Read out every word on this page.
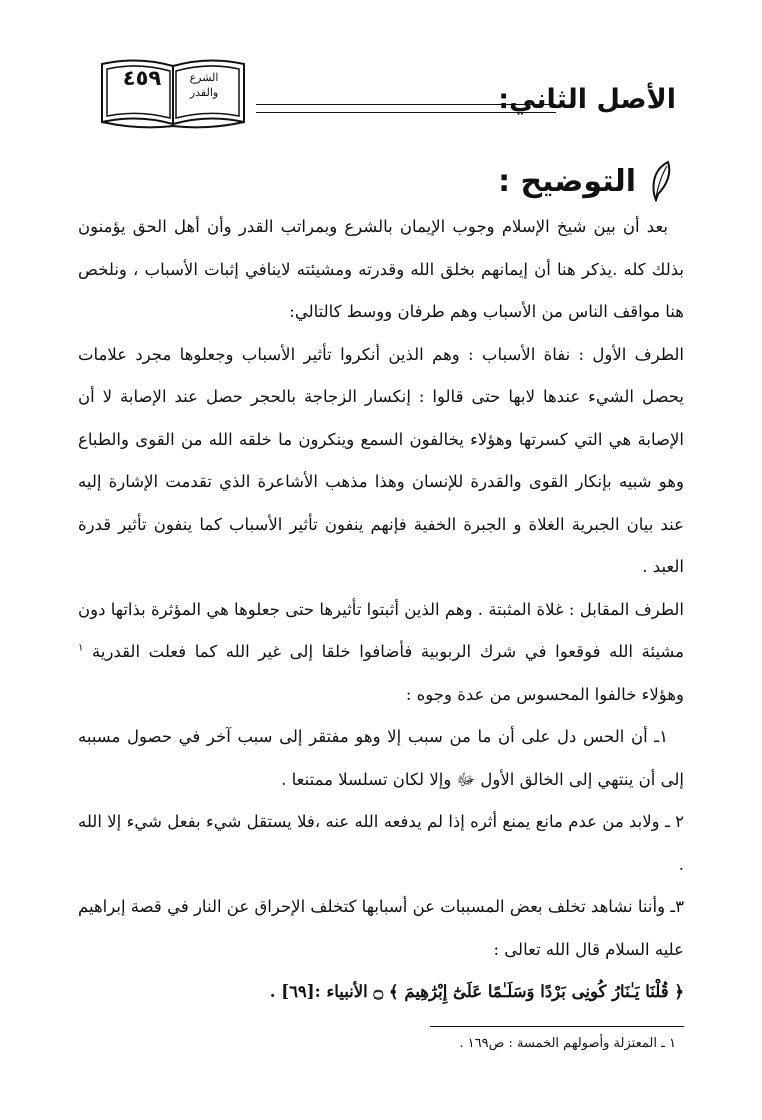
٤٥٩	الشرع
والقدر	الأصل الثاني:
التوضيح :

بعد أن بين شيخ الإسلام وجوب الإيمان بالشرع وبمراتب القدر وأن أهل الحق يؤمنون بذلك كله .يذكر هنا أن إيمانهم بخلق الله وقدرته ومشيئته لاينافي إثبات الأسباب ، ونلخص هنا مواقف الناس من الأسباب وهم طرفان ووسط كالتالي:

الطرف الأول : نفاة الأسباب : وهم الذين أنكروا تأثير الأسباب وجعلوها مجرد علامات يحصل الشيء عندها لابها حتى قالوا : إنكسار الزجاجة بالحجر حصل عند الإصابة لا أن الإصابة هي التي كسرتها وهؤلاء يخالفون السمع وينكرون ما خلقه الله من القوى والطباع وهو شبيه بإنكار القوى والقدرة للإنسان وهذا مذهب الأشاعرة الذي تقدمت الإشارة إليه عند بيان الجبرية الغلاة و الجبرة الخفية فإنهم ينفون تأثير الأسباب كما ينفون تأثير قدرة العبد .

الطرف المقابل : غلاة المثبتة . وهم الذين أثبتوا تأثيرها حتى جعلوها هي المؤثرة بذاتها دون مشيئة الله فوقعوا في شرك الربوبية فأضافوا خلقا إلى غير الله كما فعلت القدرية $^١$ وهؤلاء خالفوا المحسوس من عدة وجوه :

١ـ أن الحس دل على أن ما من سبب إلا وهو مفتقر إلى سبب آخر في حصول مسببه إلى أن ينتهي إلى الخالق الأول ﷻ وإلا لكان تسلسلا ممتنعا .

٢ ـ ولابد من عدم مانع يمنع أثره إذا لم يدفعه الله عنه ،فلا يستقل شيء بفعل شيء إلا الله .

٣ـ وأننا نشاهد تخلف بعض المسببات عن أسبابها كتخلف الإحراق عن النار في قصة إبراهيم عليه السلام قال الله تعالى :

﴿ قُلْنَا يَـٰنَارُ كُونِى بَرْدًا وَسَلَـٰمًا عَلَىٰٓ إِبْرَٰهِيمَ ﴾ ۝ الأنبياء :[٦٩] .

١ ـ المعتزلة وأصولهم الخمسة : ص١٦٩ .
